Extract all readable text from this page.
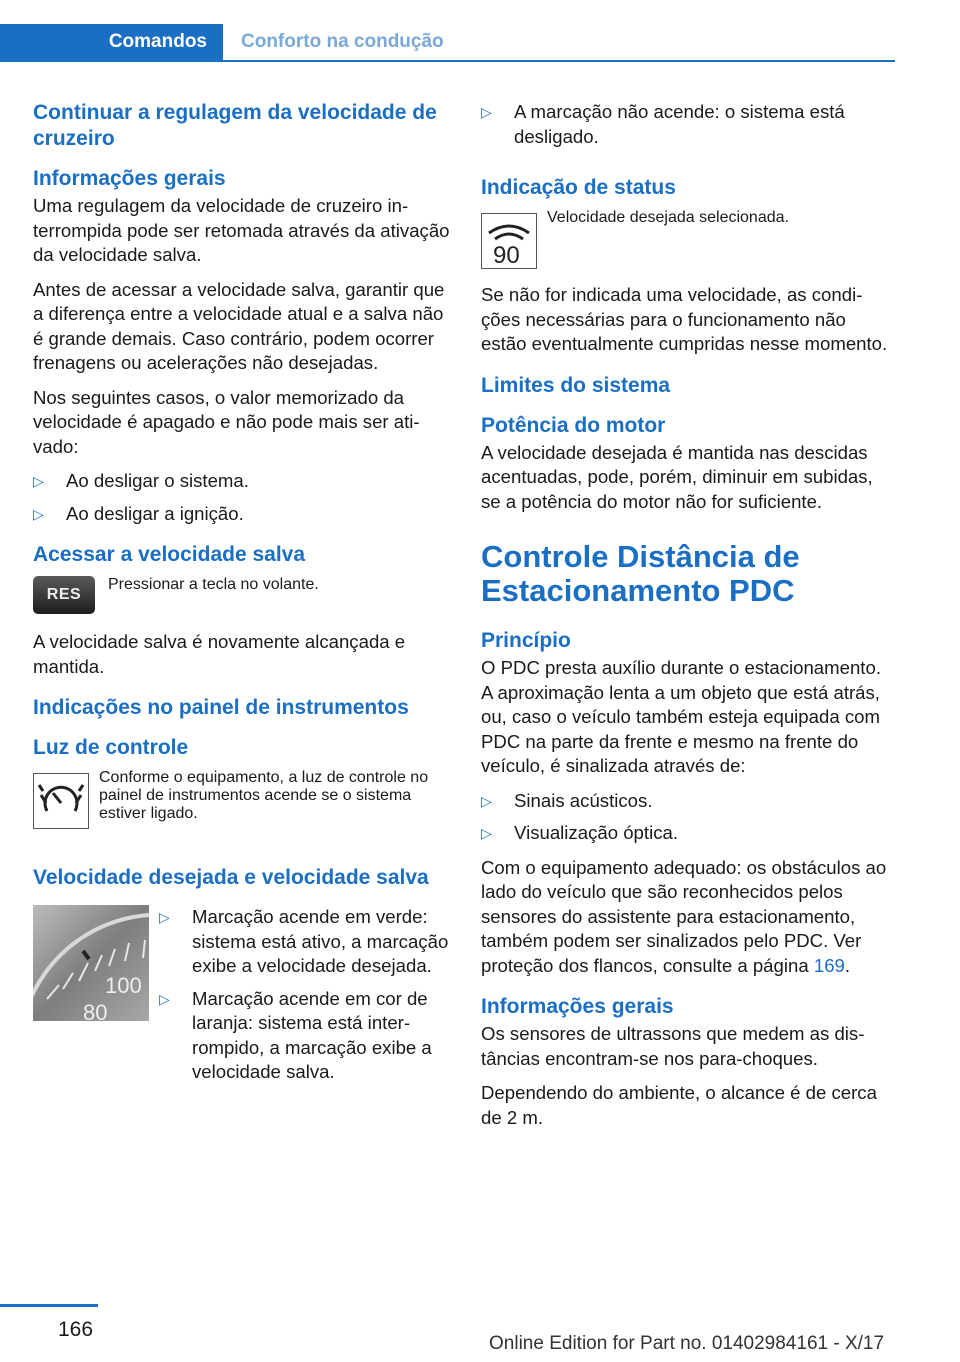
Comandos	Conforto na condução
Continuar a regulagem da velocidade de cruzeiro
Informações gerais

Uma regulagem da velocidade de cruzeiro interrompida pode ser retomada através da ativação da velocidade salva.

Antes de acessar a velocidade salva, garantir que a diferença entre a velocidade atual e a salva não é grande demais. Caso contrário, podem ocorrer frenagens ou acelerações não desejadas.

Nos seguintes casos, o valor memorizado da velocidade é apagado e não pode mais ser ativado:

▷ Ao desligar o sistema.
▷ Ao desligar a ignição.
Acessar a velocidade salva
RES
Pressionar a tecla no volante.

A velocidade salva é novamente alcançada e mantida.

Indicações no painel de instrumentos
Luz de controle
Conforme o equipamento, a luz de controle no painel de instrumentos acende se o sistema estiver ligado.
Velocidade desejada e velocidade salva
100
80
▷ Marcação acende em verde: sistema está ativo, a marcação exibe a velocidade desejada.
▷ Marcação acende em cor de laranja: sistema está interrompido, a marcação exibe a velocidade salva.
▷ A marcação não acende: o sistema está desligado.
Indicação de status
90
Velocidade desejada selecionada.

Se não for indicada uma velocidade, as condições necessárias para o funcionamento não estão eventualmente cumpridas nesse momento.

Limites do sistema
Potência do motor

A velocidade desejada é mantida nas descidas acentuadas, pode, porém, diminuir em subidas, se a potência do motor não for suficiente.

Controle Distância de Estacionamento PDC
Princípio

O PDC presta auxílio durante o estacionamento. A aproximação lenta a um objeto que está atrás, ou, caso o veículo também esteja equipada com PDC na parte da frente e mesmo na frente do veículo, é sinalizada através de:

▷ Sinais acústicos.
▷ Visualização óptica.

Com o equipamento adequado: os obstáculos ao lado do veículo que são reconhecidos pelos sensores do assistente para estacionamento, também podem ser sinalizados pelo PDC. Ver proteção dos flancos, consulte a página 169.

Informações gerais

Os sensores de ultrassons que medem as distâncias encontram-se nos para-choques.

Dependendo do ambiente, o alcance é de cerca de 2 m.

166
Online Edition for Part no. 01402984161 - X/17
